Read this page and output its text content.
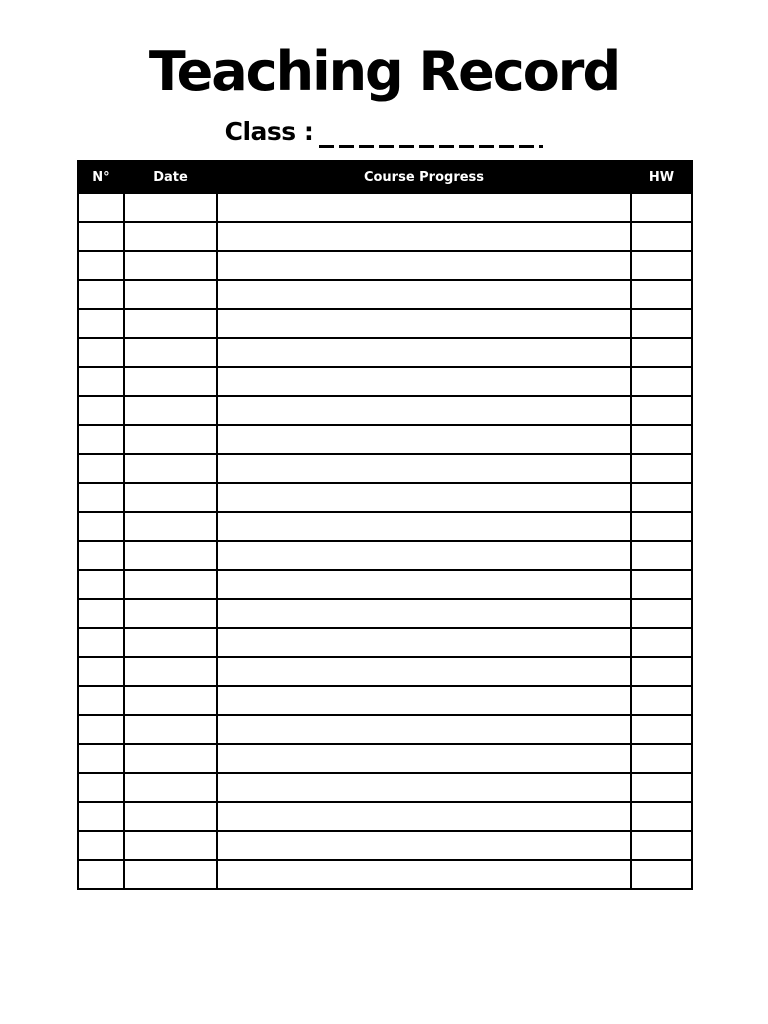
Teaching Record
Class :
N°	Date	Course Progress	HW
